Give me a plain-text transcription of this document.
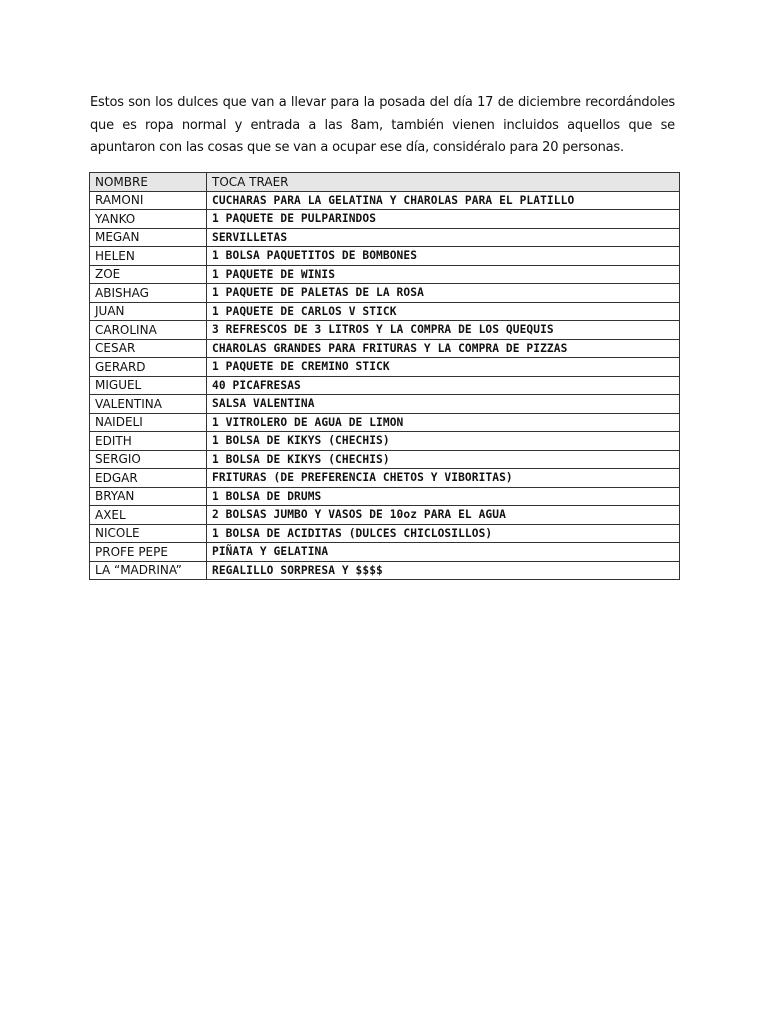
Estos son los dulces que van a llevar para la posada del día 17 de diciembre recordándoles que es ropa normal y entrada a las 8am, también vienen incluidos aquellos que se apuntaron con las cosas que se van a ocupar ese día, considéralo para 20 personas.

NOMBRE	TOCA TRAER
RAMONI	CUCHARAS PARA LA GELATINA Y CHAROLAS PARA EL PLATILLO
YANKO	1 PAQUETE DE PULPARINDOS
MEGAN	SERVILLETAS
HELEN	1 BOLSA PAQUETITOS DE BOMBONES
ZOE	1 PAQUETE DE WINIS
ABISHAG	1 PAQUETE DE PALETAS DE LA ROSA
JUAN	1 PAQUETE DE CARLOS V STICK
CAROLINA	3 REFRESCOS DE 3 LITROS Y LA COMPRA DE LOS QUEQUIS
CESAR	CHAROLAS GRANDES PARA FRITURAS Y LA COMPRA DE PIZZAS
GERARD	1 PAQUETE DE CREMINO STICK
MIGUEL	40 PICAFRESAS
VALENTINA	SALSA VALENTINA
NAIDELI	1 VITROLERO DE AGUA DE LIMON
EDITH	1 BOLSA DE KIKYS (CHECHIS)
SERGIO	1 BOLSA DE KIKYS (CHECHIS)
EDGAR	FRITURAS (DE PREFERENCIA CHETOS Y VIBORITAS)
BRYAN	1 BOLSA DE DRUMS
AXEL	2 BOLSAS JUMBO Y VASOS DE 10oz PARA EL AGUA
NICOLE	1 BOLSA DE ACIDITAS (DULCES CHICLOSILLOS)
PROFE PEPE	PIÑATA Y GELATINA
LA “MADRINA”	REGALILLO SORPRESA Y $$$$
